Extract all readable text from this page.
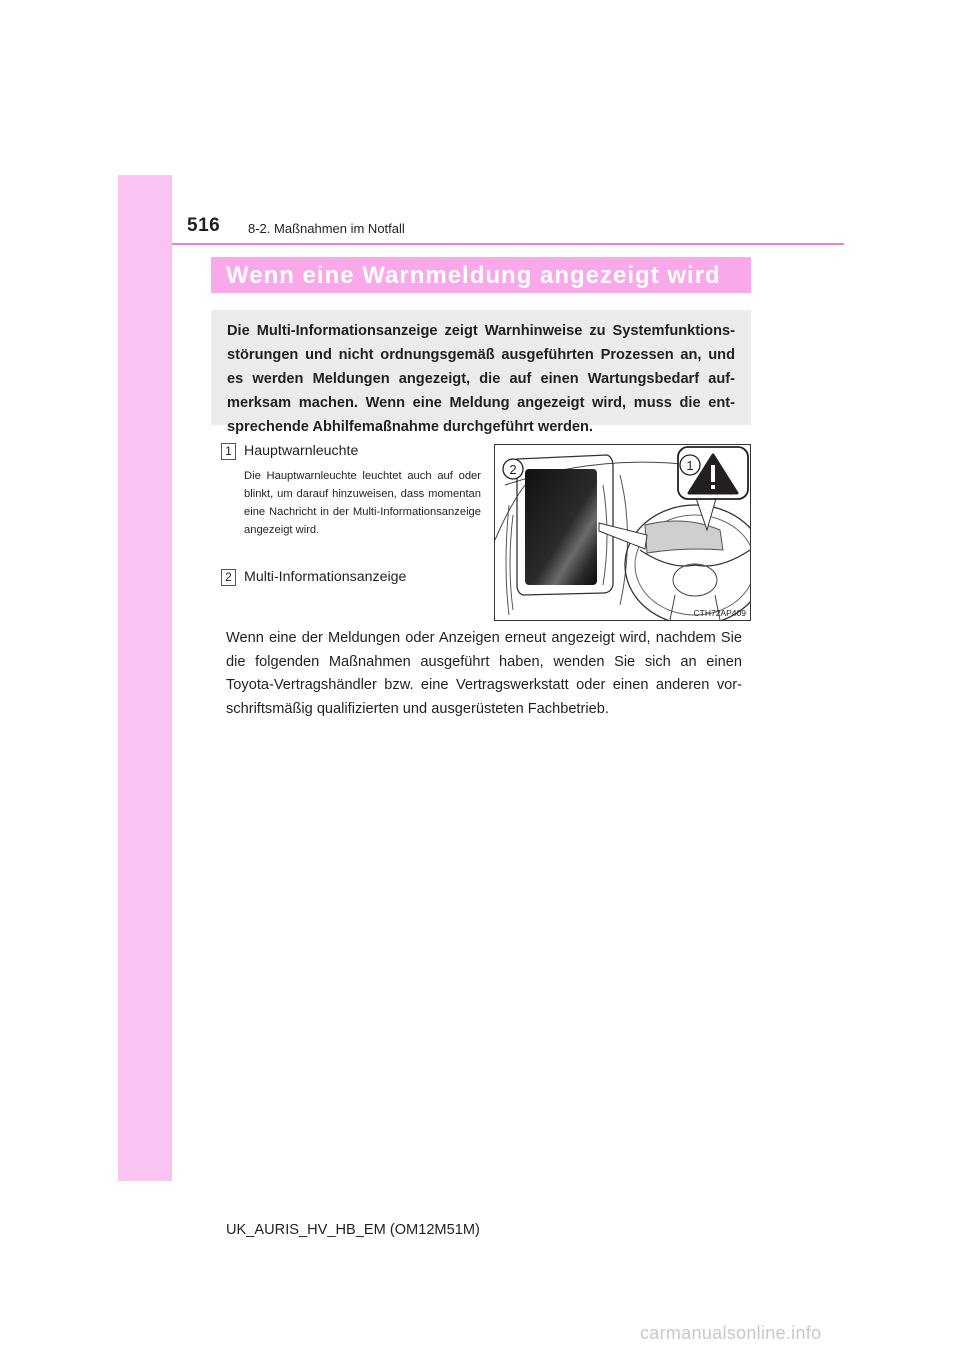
516 8-2. Maßnahmen im Notfall
Wenn eine Warnmeldung angezeigt wird
Die Multi-Informationsanzeige zeigt Warnhinweise zu Systemfunktionsstörungen und nicht ordnungsgemäß ausgeführten Prozessen an, und es werden Meldungen angezeigt, die auf einen Wartungsbedarf aufmerksam machen. Wenn eine Meldung angezeigt wird, muss die entsprechende Abhilfemaßnahme durchgeführt werden.
1 Hauptwarnleuchte
Die Hauptwarnleuchte leuchtet auch auf oder blinkt, um darauf hinzuweisen, dass momentan eine Nachricht in der Multi-Informationsanzeige angezeigt wird.
2 Multi-Informationsanzeige
1
2
CTH72AP409
Wenn eine der Meldungen oder Anzeigen erneut angezeigt wird, nachdem Sie die folgenden Maßnahmen ausgeführt haben, wenden Sie sich an einen Toyota-Vertragshändler bzw. eine Vertragswerkstatt oder einen anderen vorschriftsmäßig qualifizierten und ausgerüsteten Fachbetrieb.
UK_AURIS_HV_HB_EM (OM12M51M)
carmanualsonline.info
